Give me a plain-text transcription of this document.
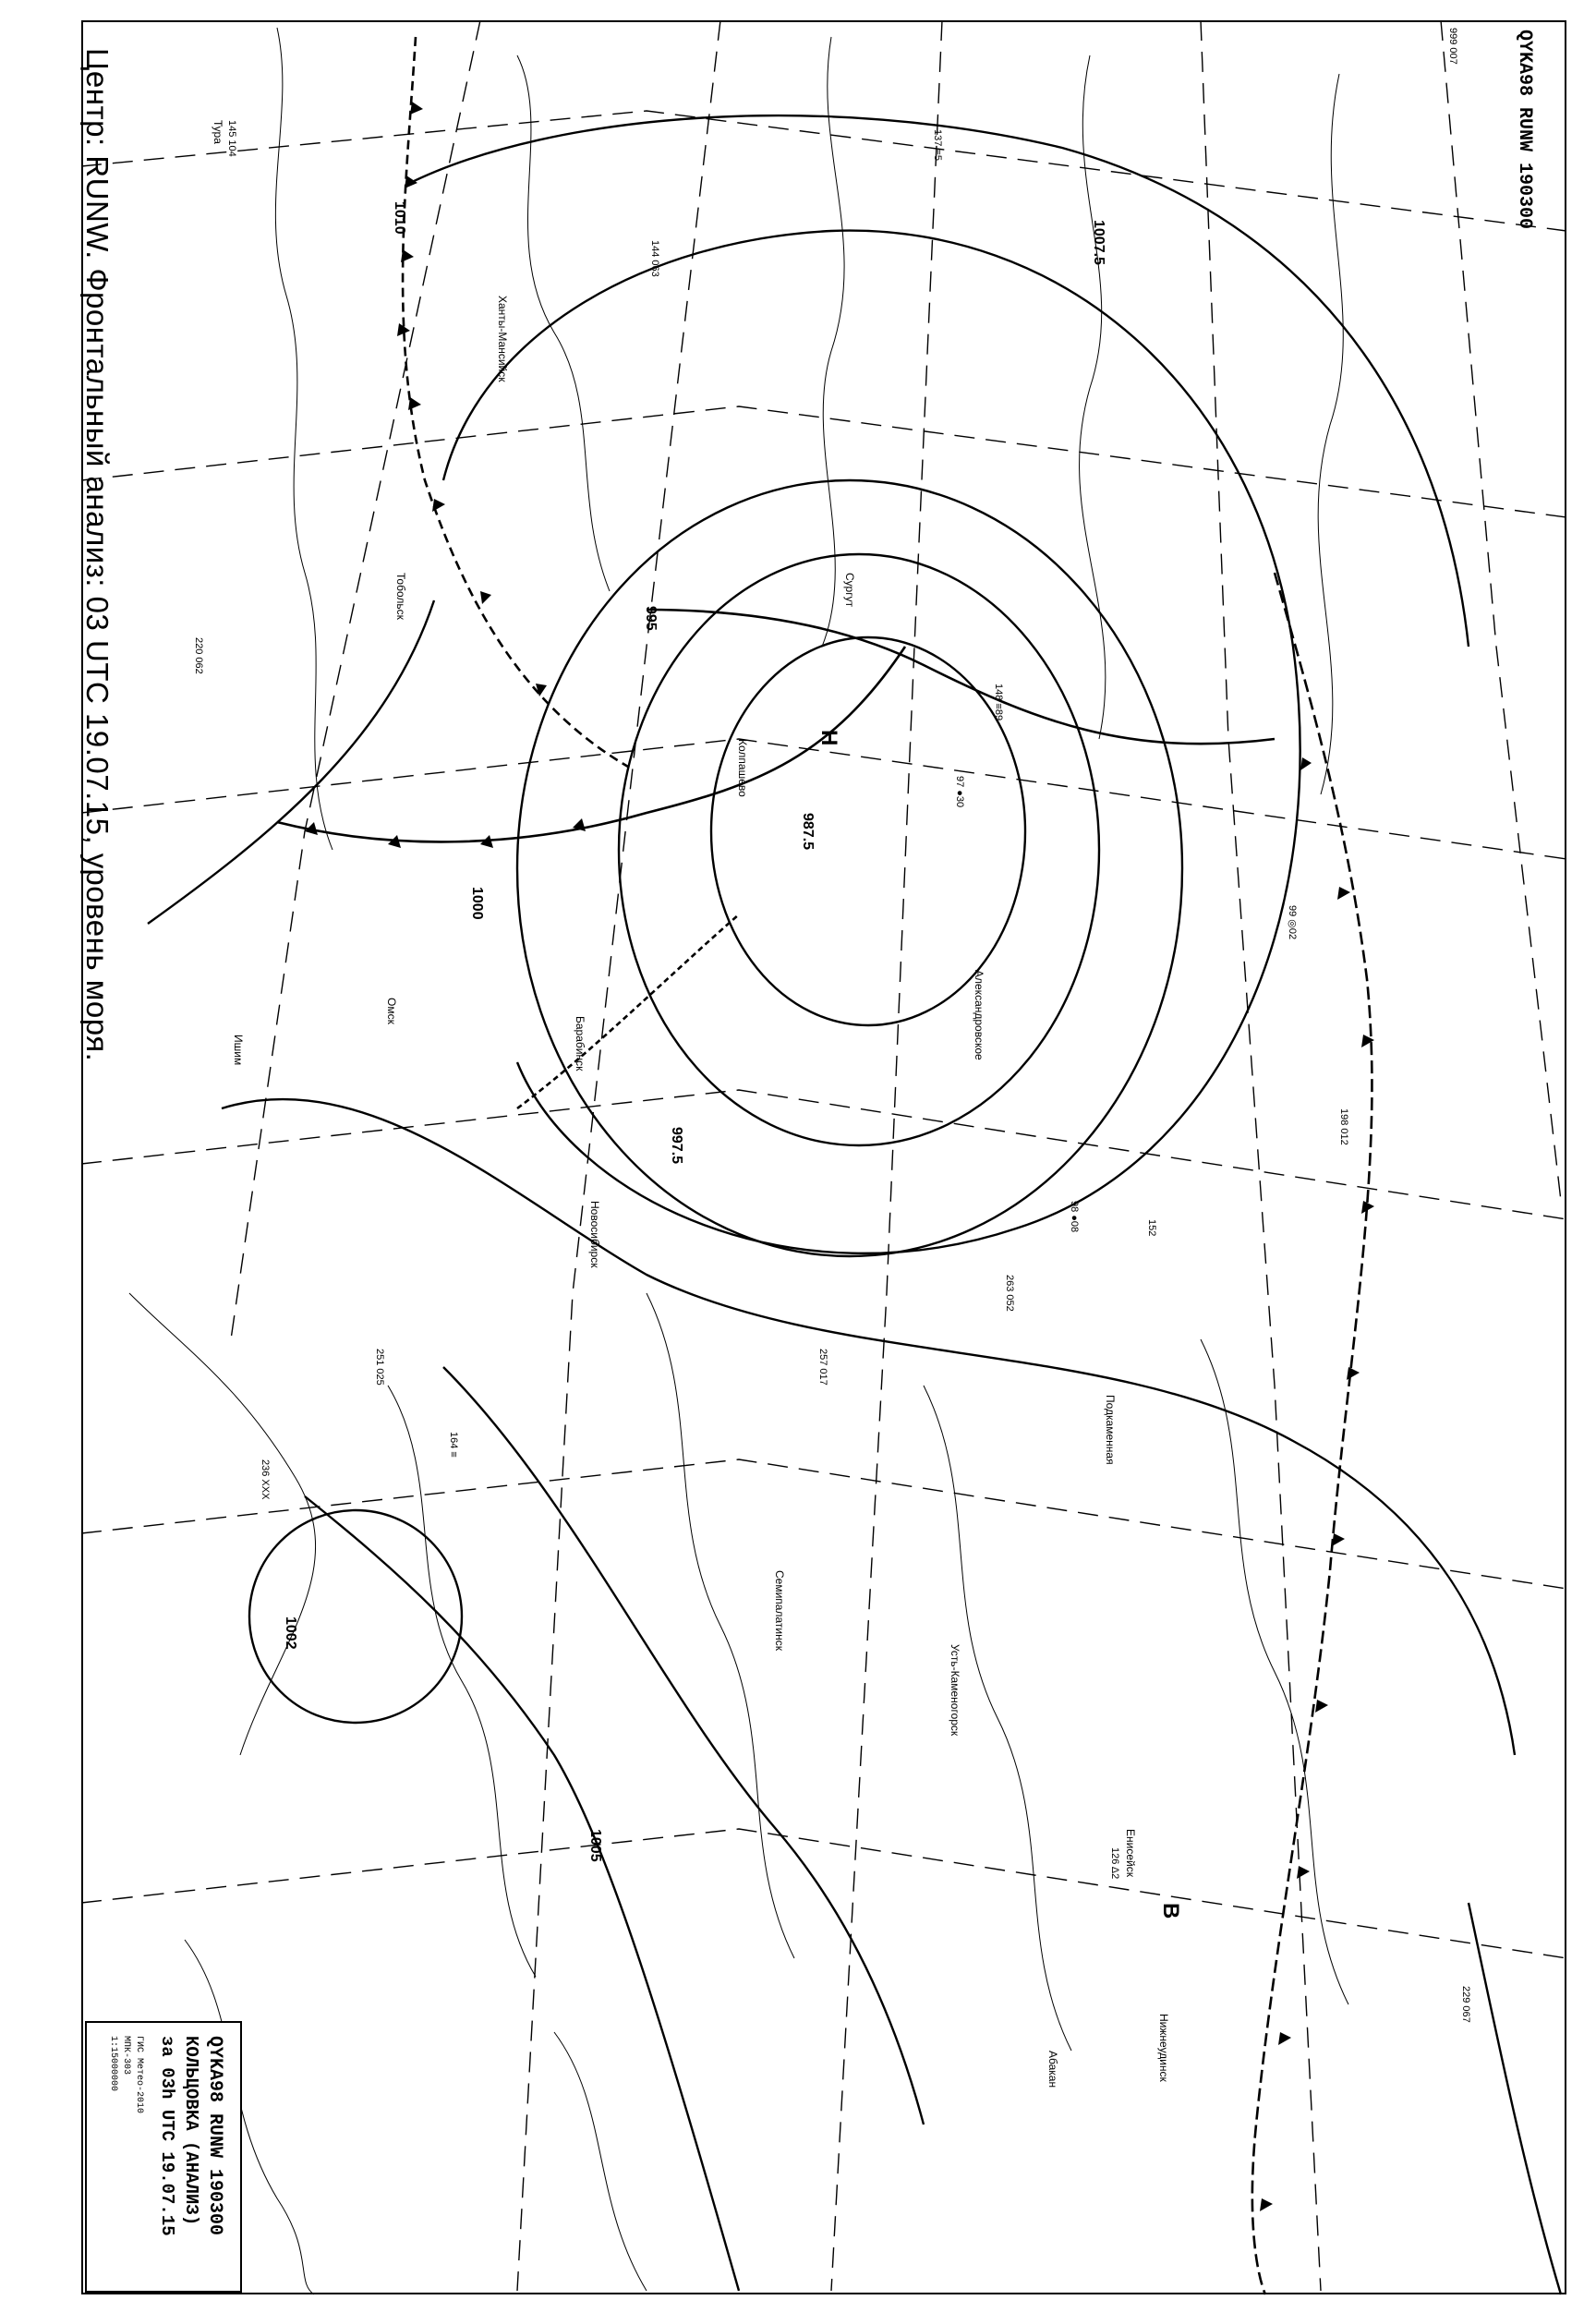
1007.5
1010
1000
997.5
995
987.5
1005
1002
Н
В
Тура
Подкаменная
Енисейск
Александровское
Колпашево
Новосибирск
Барабинск
Омск
Ишим
Тобольск
Ханты-Мансийск
Сургут
Усть-Каменогорск
Семипалатинск
Нижнеудинск
Абакан
251 025
198 012
229 067
263 052
145 104
98 ●08
97 ●30
148 ≡89
152
164 ≡
999 007
99 ◎02
126 Δ2
137 ≡5
236 XXX
144 063
220 062
257 017
Центр: RUNW. Фронтальный анализ: 03 UTC 19.07.15, уровень моря.	QYKA98 RUNW 190300
QYKA98 RUNW 190300
КОЛЬЦОВКА (АНАЛИЗ)
за 03h UTC 19.07.15
ГИС Метео-2010
МПК-303
1:15000000
